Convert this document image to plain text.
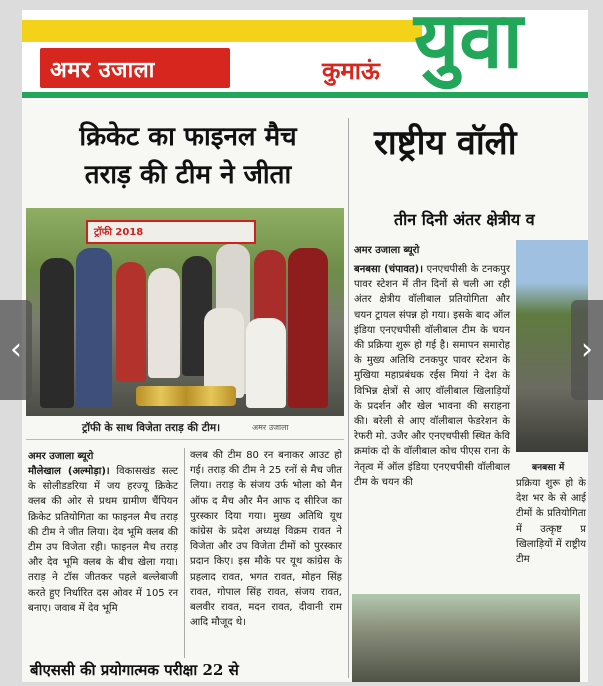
अमर उजाला	कुमाऊं युवा
क्रिकेट का फाइनल मैच
तराड़ की टीम ने जीता
ट्रॉफी 2018
ट्रॉफी के साथ विजेता तराड़ की टीम।	अमर उजाला
अमर उजाला ब्यूरो
मौलेखाल (अल्मोड़ा)। विकासखंड सल्ट के सोलीडडरिया में जय हरज्यू क्रिकेट क्लब की ओर से प्रथम ग्रामीण चैंपियन क्रिकेट प्रतियोगिता का फाइनल मैच तराड़ की टीम ने जीत लिया। देव भूमि क्लब की टीम उप विजेता रही। फाइनल मैच तराड़ और देव भूमि क्लब के बीच खेला गया। तराड़ ने टॉस जीतकर पहले बल्लेबाजी करते हुए निर्धारित दस ओवर में 105 रन बनाए। जवाब में देव भूमि
क्लब की टीम 80 रन बनाकर आउट हो गई। तराड़ की टीम ने 25 रनों से मैच जीत लिया। तराड़ के संजय उर्फ भोला को मैन ऑफ द मैच और मैन आफ द सीरिज का पुरस्कार दिया गया। मुख्य अतिथि यूथ कांग्रेस के प्रदेश अध्यक्ष विक्रम रावत ने विजेता और उप विजेता टीमों को पुरस्कार प्रदान किए। इस मौके पर यूथ कांग्रेस के प्रहलाद रावत, भगत रावत, मोहन सिंह रावत, गोपाल सिंह रावत, संजय रावत, बलवीर रावत, मदन रावत, दीवानी राम आदि मौजूद थे।
बीएससी की प्रयोगात्मक परीक्षा 22 से
राष्ट्रीय वॉली
तीन दिनी अंतर क्षेत्रीय व
अमर उजाला ब्यूरो
बनबसा (चंपावत)। एनएचपीसी के टनकपुर पावर स्टेशन में तीन दिनों से चली आ रही अंतर क्षेत्रीय वॉलीबाल प्रतियोगिता और चयन ट्रायल संपन्न हो गया। इसके बाद ऑल इंडिया एनएचपीसी वॉलीबाल टीम के चयन की प्रक्रिया शुरू हो गई है। समापन समारोह के मुख्य अतिथि टनकपुर पावर स्टेशन के मुखिया महाप्रबंधक रईस मियां ने देश के विभिन्न क्षेत्रों से आए वॉलीबाल खिलाड़ियों के प्रदर्शन और खेल भावना की सराहना की। बरेली से आए वॉलीबाल फेडरेशन के रेफरी मो. उजैर और एनएचपीसी स्थित केवि क्रमांक दो के वॉलीबाल कोच पीएस राना के नेतृत्व में ऑल इंडिया एनएचपीसी वॉलीबाल टीम के चयन की
बनबसा में
प्रक्रिया शुरू हो के देश भर के से आई टीमों के प्रतियोगिता में उत्कृष्ट प्र खिलाड़ियों में राष्ट्रीय टीम
‹	›
